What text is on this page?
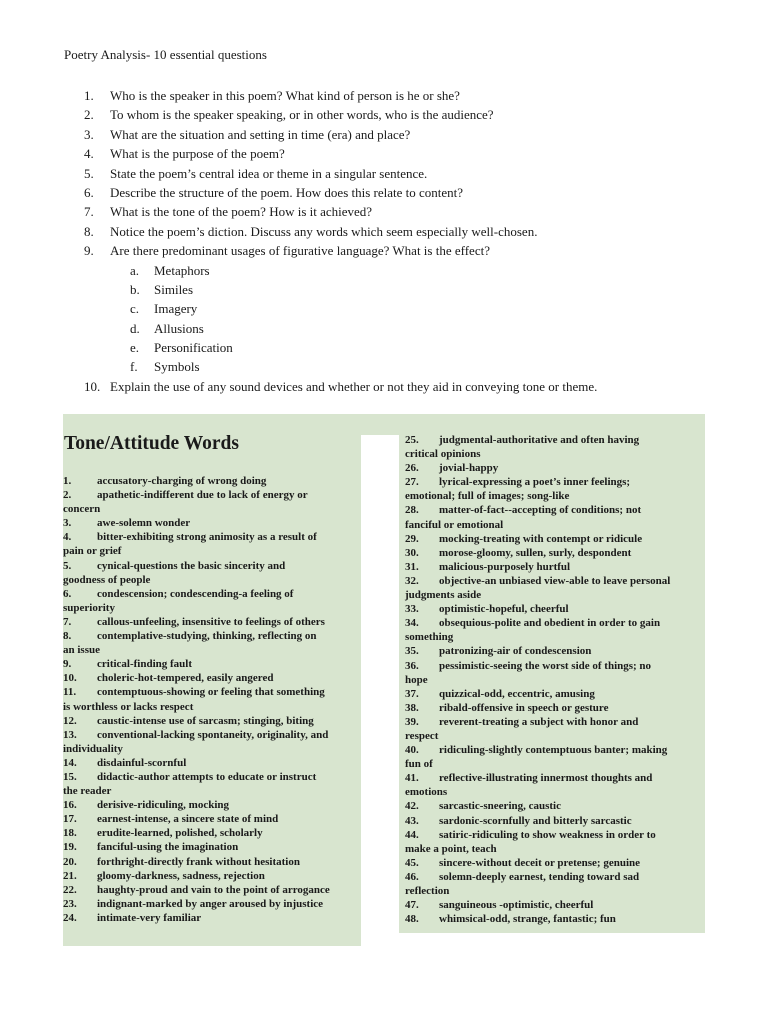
Poetry Analysis- 10 essential questions
1.	Who is the speaker in this poem? What kind of person is he or she?
2.	To whom is the speaker speaking, or in other words, who is the audience?
3.	What are the situation and setting in time (era) and place?
4.	What is the purpose of the poem?
5.	State the poem’s central idea or theme in a singular sentence.
6.	Describe the structure of the poem. How does this relate to content?
7.	What is the tone of the poem? How is it achieved?
8.	Notice the poem’s diction. Discuss any words which seem especially well-chosen.
9.	Are there predominant usages of figurative language? What is the effect?
a. Metaphors
b. Similes
c. Imagery
d. Allusions
e. Personification
f. Symbols
10. Explain the use of any sound devices and whether or not they aid in conveying tone or theme.
Tone/Attitude Words

1. accusatory-charging of wrong doing

2. apathetic-indifferent due to lack of energy or
concern

3. awe-solemn wonder

4. bitter-exhibiting strong animosity as a result of
pain or grief

5. cynical-questions the basic sincerity and
goodness of people

6. condescension; condescending-a feeling of
superiority

7. callous-unfeeling, insensitive to feelings of others

8. contemplative-studying, thinking, reflecting on
an issue

9. critical-finding fault

10. choleric-hot-tempered, easily angered

11. contemptuous-showing or feeling that something
is worthless or lacks respect

12. caustic-intense use of sarcasm; stinging, biting

13. conventional-lacking spontaneity, originality, and
individuality

14. disdainful-scornful

15. didactic-author attempts to educate or instruct
the reader

16. derisive-ridiculing, mocking

17. earnest-intense, a sincere state of mind

18. erudite-learned, polished, scholarly

19. fanciful-using the imagination

20. forthright-directly frank without hesitation

21. gloomy-darkness, sadness, rejection

22. haughty-proud and vain to the point of arrogance

23. indignant-marked by anger aroused by injustice

24. intimate-very familiar

25. judgmental-authoritative and often having
critical opinions

26. jovial-happy

27. lyrical-expressing a poet’s inner feelings;
emotional; full of images; song-like

28. matter-of-fact--accepting of conditions; not
fanciful or emotional

29. mocking-treating with contempt or ridicule

30. morose-gloomy, sullen, surly, despondent

31. malicious-purposely hurtful

32. objective-an unbiased view-able to leave personal
judgments aside

33. optimistic-hopeful, cheerful

34. obsequious-polite and obedient in order to gain
something

35. patronizing-air of condescension

36. pessimistic-seeing the worst side of things; no
hope

37. quizzical-odd, eccentric, amusing

38. ribald-offensive in speech or gesture

39. reverent-treating a subject with honor and
respect

40. ridiculing-slightly contemptuous banter; making
fun of

41. reflective-illustrating innermost thoughts and
emotions

42. sarcastic-sneering, caustic

43. sardonic-scornfully and bitterly sarcastic

44. satiric-ridiculing to show weakness in order to
make a point, teach

45. sincere-without deceit or pretense; genuine

46. solemn-deeply earnest, tending toward sad
reflection

47. sanguineous -optimistic, cheerful

48. whimsical-odd, strange, fantastic; fun
